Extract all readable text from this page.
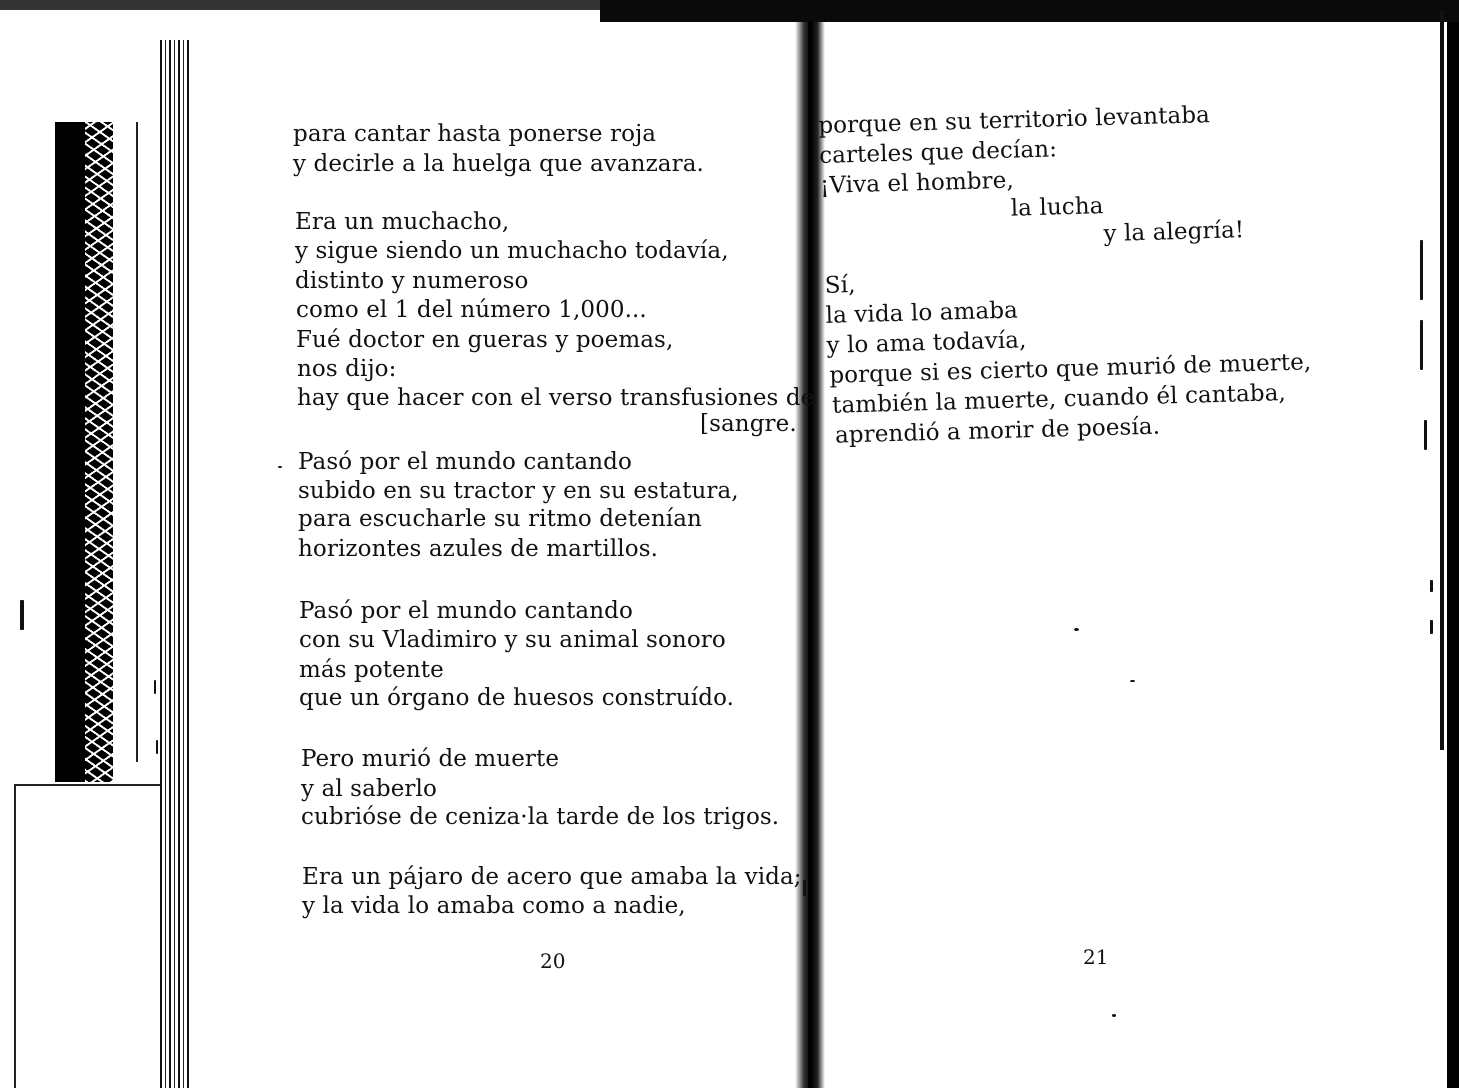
para cantar hasta ponerse roja
y decirle a la huelga que avanzara.
Era un muchacho,
y sigue siendo un muchacho todavía,
distinto y numeroso
como el 1 del número 1,000...
Fué doctor en gueras y poemas,
nos dijo:
hay que hacer con el verso transfusiones de
[sangre.
Pasó por el mundo cantando
subido en su tractor y en su estatura,
para escucharle su ritmo detenían
horizontes azules de martillos.
Pasó por el mundo cantando
con su Vladimiro y su animal sonoro
más potente
que un órgano de huesos construído.
Pero murió de muerte
y al saberlo
cubrióse de ceniza·la tarde de los trigos.
Era un pájaro de acero que amaba la vida;
y la vida lo amaba como a nadie,
20
porque en su territorio levantaba
carteles que decían:
¡Viva el hombre,
la lucha
y la alegría!
Sí,
la vida lo amaba
y lo ama todavía,
porque si es cierto que murió de muerte,
también la muerte, cuando él cantaba,
aprendió a morir de poesía.
21
